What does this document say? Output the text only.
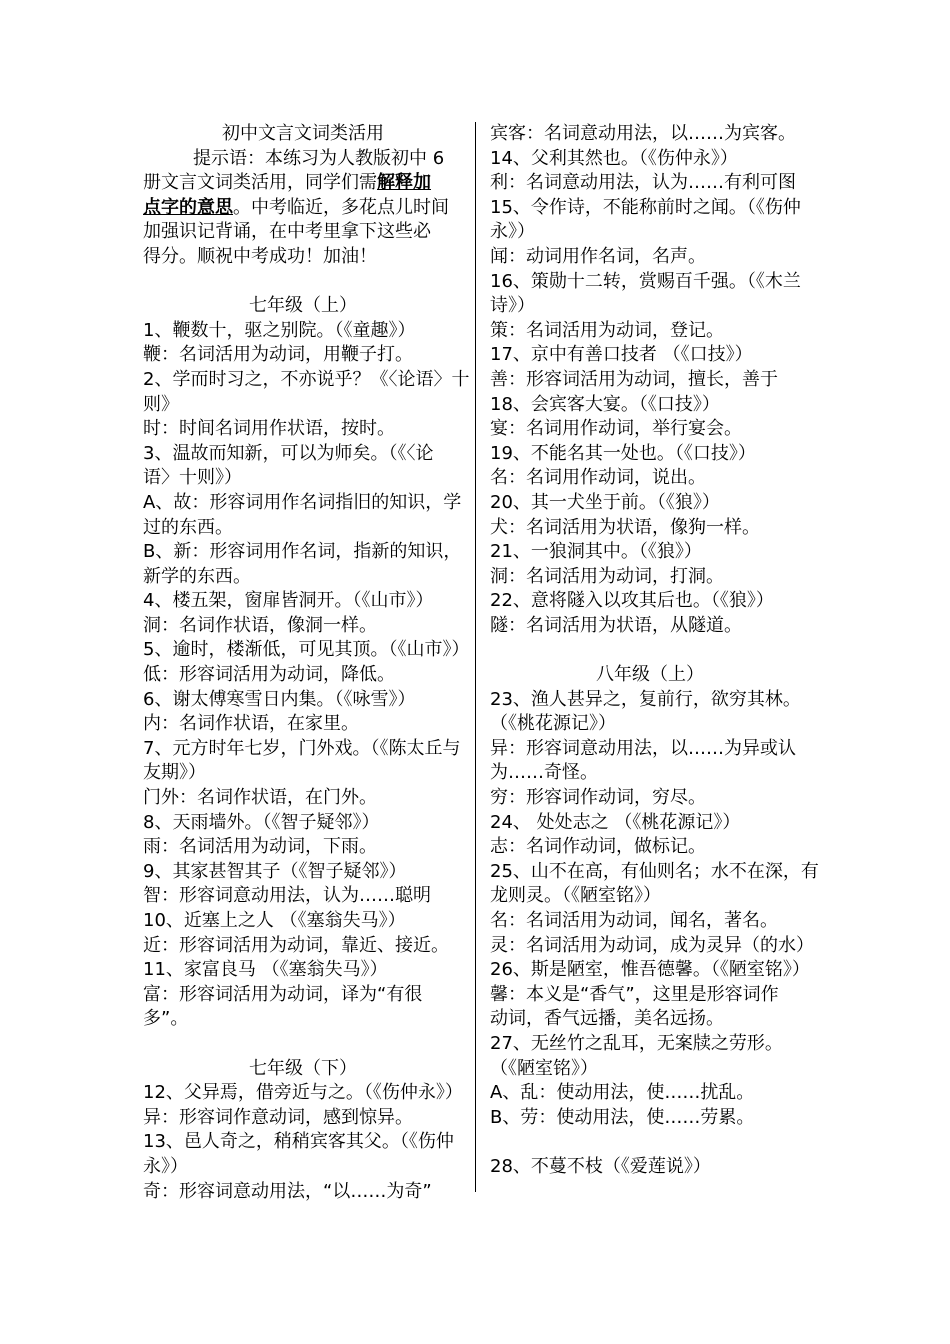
初中文言文词类活用
提示语：本练习为人教版初中 6
册文言文词类活用，同学们需解释加
点字的意思。中考临近，多花点儿时间
加强识记背诵，在中考里拿下这些必
得分。顺祝中考成功！加油！
七年级（上）
1、鞭数十，驱之别院。（《童趣》）
鞭：名词活用为动词，用鞭子打。
2、学而时习之，不亦说乎？《〈论语〉十
则》
时：时间名词用作状语，按时。
3、温故而知新，可以为师矣。（《〈论
语〉十则》）
A、故：形容词用作名词指旧的知识，学
过的东西。
B、新：形容词用作名词，指新的知识，
新学的东西。
4、楼五架，窗扉皆洞开。（《山市》）
洞：名词作状语，像洞一样。
5、逾时，楼渐低，可见其顶。（《山市》）
低：形容词活用为动词，降低。
6、谢太傅寒雪日内集。（《咏雪》）
内：名词作状语，在家里。
7、元方时年七岁，门外戏。（《陈太丘与
友期》）
门外：名词作状语，在门外。
8、天雨墙外。（《智子疑邻》）
雨：名词活用为动词，下雨。
9、其家甚智其子（《智子疑邻》）
智：形容词意动用法，认为……聪明
10、近塞上之人 （《塞翁失马》）
近：形容词活用为动词，靠近、接近。
11、家富良马 （《塞翁失马》）
富：形容词活用为动词，译为“有很
多”。
七年级（下）
12、父异焉，借旁近与之。（《伤仲永》）
异：形容词作意动词，感到惊异。
13、邑人奇之，稍稍宾客其父。（《伤仲
永》）
奇：形容词意动用法，“以……为奇”
宾客：名词意动用法，以……为宾客。
14、父利其然也。（《伤仲永》）
利：名词意动用法，认为……有利可图
15、令作诗，不能称前时之闻。（《伤仲
永》）
闻：动词用作名词，名声。
16、策勋十二转，赏赐百千强。（《木兰
诗》）
策：名词活用为动词，登记。
17、京中有善口技者 （《口技》）
善：形容词活用为动词，擅长，善于
18、会宾客大宴。（《口技》）
宴：名词用作动词，举行宴会。
19、不能名其一处也。（《口技》）
名：名词用作动词，说出。
20、其一犬坐于前。（《狼》）
犬：名词活用为状语，像狗一样。
21、一狼洞其中。（《狼》）
洞：名词活用为动词，打洞。
22、意将隧入以攻其后也。（《狼》）
隧：名词活用为状语，从隧道。
八年级（上）
23、渔人甚异之，复前行，欲穷其林。
（《桃花源记》）
异：形容词意动用法，以……为异或认
为……奇怪。
穷：形容词作动词，穷尽。
24、 处处志之 （《桃花源记》）
志：名词作动词，做标记。
25、山不在高，有仙则名；水不在深，有
龙则灵。（《陋室铭》）
名：名词活用为动词，闻名，著名。
灵：名词活用为动词，成为灵异（的水）
26、斯是陋室，惟吾德馨。（《陋室铭》）
馨：本义是“香气”，这里是形容词作
动词，香气远播，美名远扬。
27、无丝竹之乱耳，无案牍之劳形。
（《陋室铭》）
A、乱：使动用法，使……扰乱。
B、劳：使动用法，使……劳累。
28、不蔓不枝（《爱莲说》）
